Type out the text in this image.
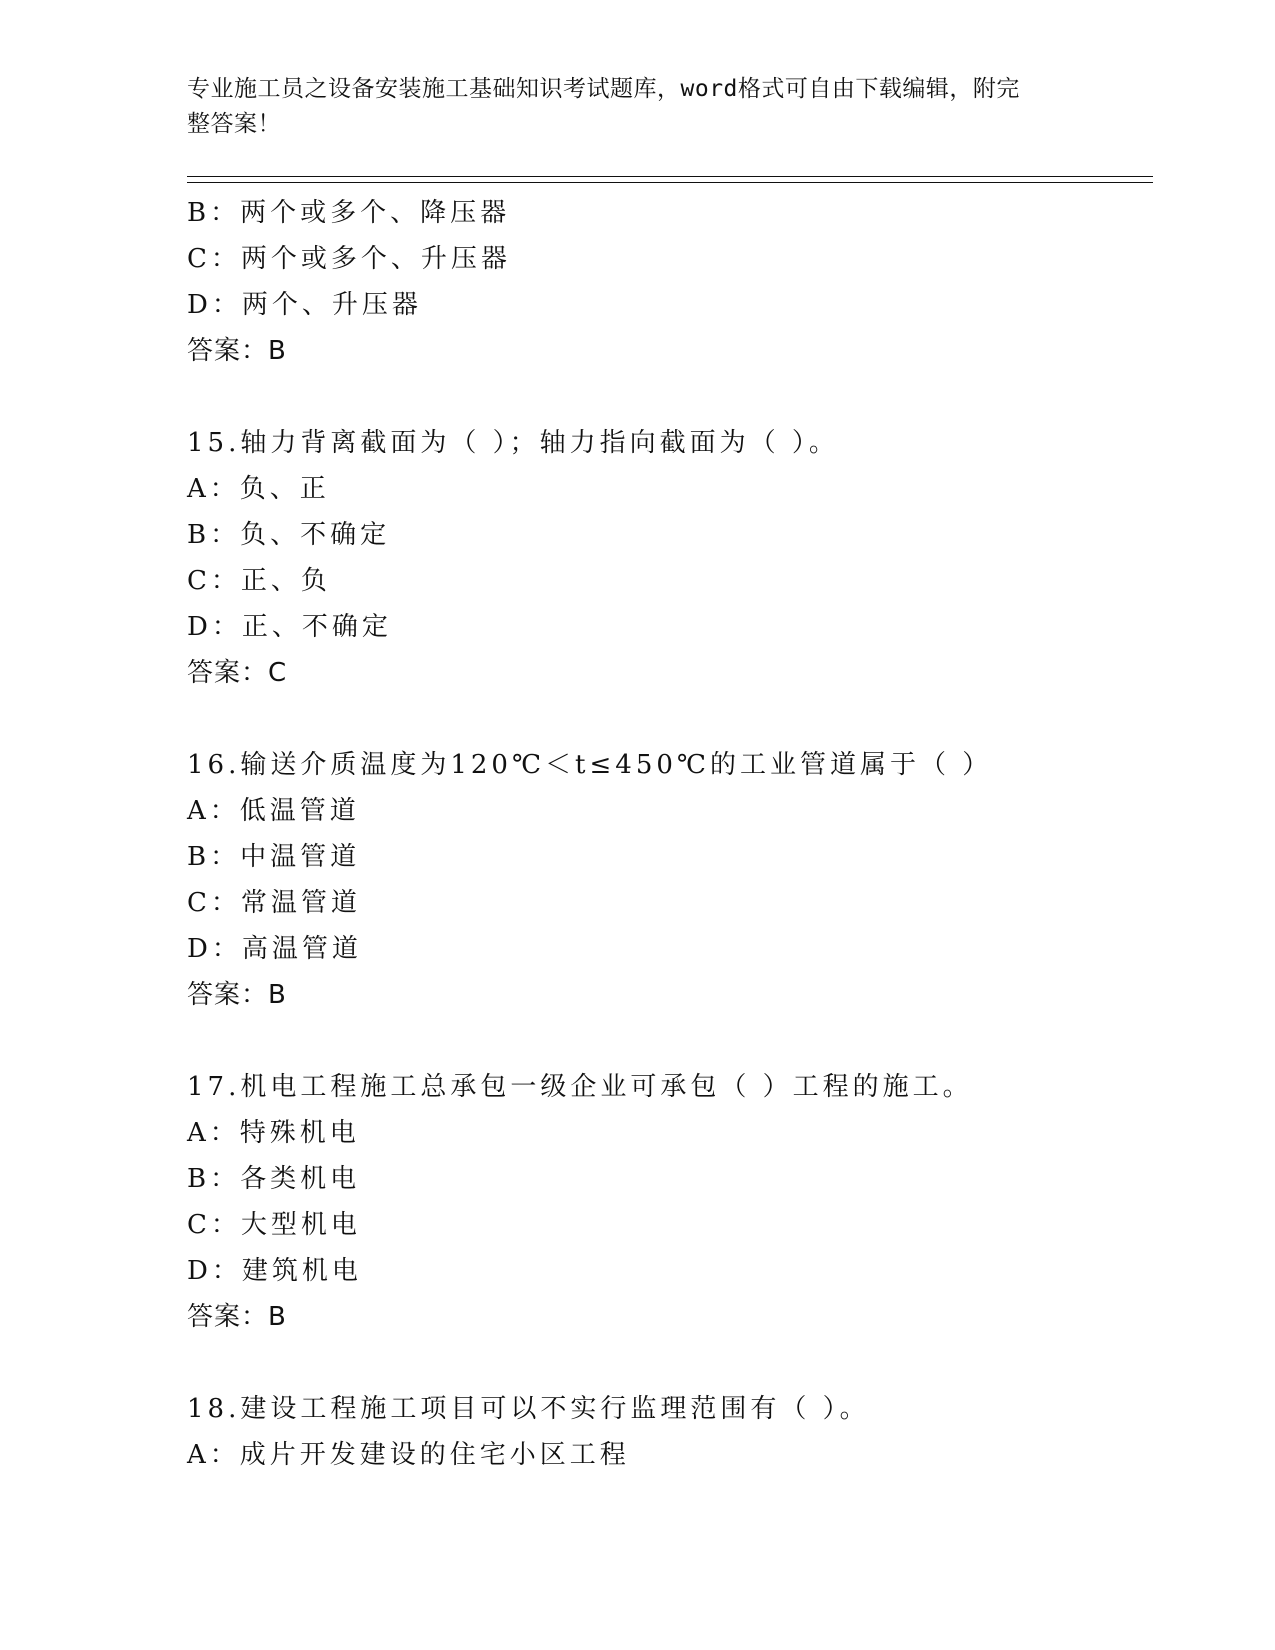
专业施工员之设备安装施工基础知识考试题库，word格式可自由下载编辑，附完
整答案！
B：两个或多个、降压器
C：两个或多个、升压器
D：两个、升压器
答案：B
15.轴力背离截面为（ ）；轴力指向截面为（ ）。
A：负、正
B：负、不确定
C：正、负
D：正、不确定
答案：C
16.输送介质温度为120℃＜t≤450℃的工业管道属于（ ）
A：低温管道
B：中温管道
C：常温管道
D：高温管道
答案：B
17.机电工程施工总承包一级企业可承包（ ）工程的施工。
A：特殊机电
B：各类机电
C：大型机电
D：建筑机电
答案：B
18.建设工程施工项目可以不实行监理范围有（ ）。
A：成片开发建设的住宅小区工程
